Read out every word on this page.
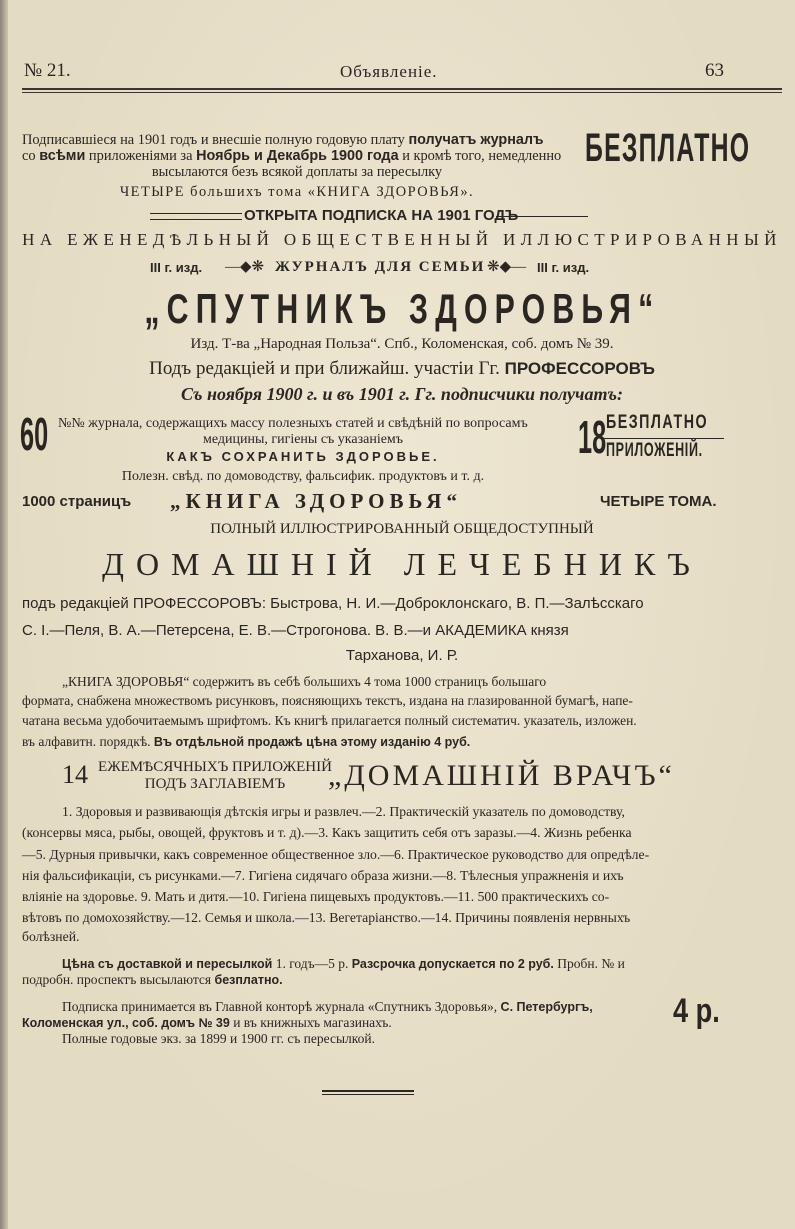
№ 21.	Объявленiе.	63
Подписавшiеся на 1901 годъ и внесшiе полную годовую плату получатъ журналъ
со всѣми приложенiями за Ноябрь и Декабрь 1900 года и кромѣ того, немедленно
высылаются безъ всякой доплаты за пересылку
ЧЕТЫРЕ большихъ тома «КНИГА ЗДОРОВЬЯ».
БЕЗПЛАТНО
ОТКРЫТА ПОДПИСКА НА 1901 ГОДЪ
НА ЕЖЕНЕДѢЛЬНЫЙ ОБЩЕСТВЕННЫЙ ИЛЛЮСТРИРОВАННЫЙ
III г. изд. —◆❋ ЖУРНАЛЪ ДЛЯ СЕМЬИ ❋◆— III г. изд.
„СПУТНИКЪ ЗДОРОВЬЯ“
Изд. Т-ва „Народная Польза“. Спб., Коломенская, соб. домъ № 39.
Подъ редакцiей и при ближайш. участiи Гг. ПРОФЕССОРОВЪ
Съ ноября 1900 г. и въ 1901 г. Гг. подписчики получатъ:
60 №№ журнала, содержащихъ массу полезныхъ статей и свѣдѣнiй по вопросамъ
медицины, гигiены съ указанiемъ
КАКЪ СОХРАНИТЬ ЗДОРОВЬЕ.
Полезн. свѣд. по домоводству, фальсифик. продуктовъ и т. д.
18 БЕЗПЛАТНО
ПРИЛОЖЕНIЙ.
1000 страницъ „КНИГА ЗДОРОВЬЯ“	ЧЕТЫРЕ ТОМА.
ПОЛНЫЙ ИЛЛЮСТРИРОВАННЫЙ ОБЩЕДОСТУПНЫЙ
ДОМАШНIЙ ЛЕЧЕБНИКЪ
подъ редакцiей ПРОФЕССОРОВЪ: Быстрова, Н. И.—Доброклонскаго, В. П.—Залѣсскаго
С. I.—Пеля, В. А.—Петерсена, Е. В.—Строгонова. В. В.—и АКАДЕМИКА князя
Тарханова, И. Р.
„КНИГА ЗДОРОВЬЯ“ содержитъ въ себѣ большихъ 4 тома 1000 страницъ большаго
формата, снабжена множествомъ рисунковъ, поясняющихъ текстъ, издана на глазированной бумагѣ, напе-
чатана весьма удобочитаемымъ шрифтомъ. Къ книгѣ прилагается полный систематич. указатель, изложен.
въ алфавитн. порядкѣ. Въ отдѣльной продажѣ цѣна этому изданiю 4 руб.
14 ЕЖЕМѢСЯЧНЫХЪ ПРИЛОЖЕНIЙ
ПОДЪ ЗАГЛАВIЕМЪ	„ДОМАШНIЙ ВРАЧЪ“
1. Здоровыя и развивающiя дѣтскiя игры и развлеч.—2. Практическiй указатель по домоводству,
(консервы мяса, рыбы, овощей, фруктовъ и т. д).—3. Какъ защитить себя отъ заразы.—4. Жизнь ребенка
—5. Дурныя привычки, какъ современное общественное зло.—6. Практическое руководство для опредѣле-
нiя фальсификацiи, съ рисунками.—7. Гигiена сидячаго образа жизни.—8. Тѣлесныя упражненiя и ихъ
влiянiе на здоровье. 9. Мать и дитя.—10. Гигiена пищевыхъ продуктовъ.—11. 500 практическихъ со-
вѣтовъ по домохозяйству.—12. Семья и школа.—13. Вегетарiанство.—14. Причины появленiя нервныхъ
болѣзней.
Цѣна съ доставкой и пересылкой 1. годъ—5 р. Разсрочка допускается по 2 руб. Пробн. № и
подробн. проспектъ высылаются безплатно.
Подписка принимается въ Главной конторѣ журнала «Спутникъ Здоровья», С. Петербургъ,
Коломенская ул., соб. домъ № 39 и въ книжныхъ магазинахъ.
Полные годовые экз. за 1899 и 1900 гг. съ пересылкой.
4 р.
